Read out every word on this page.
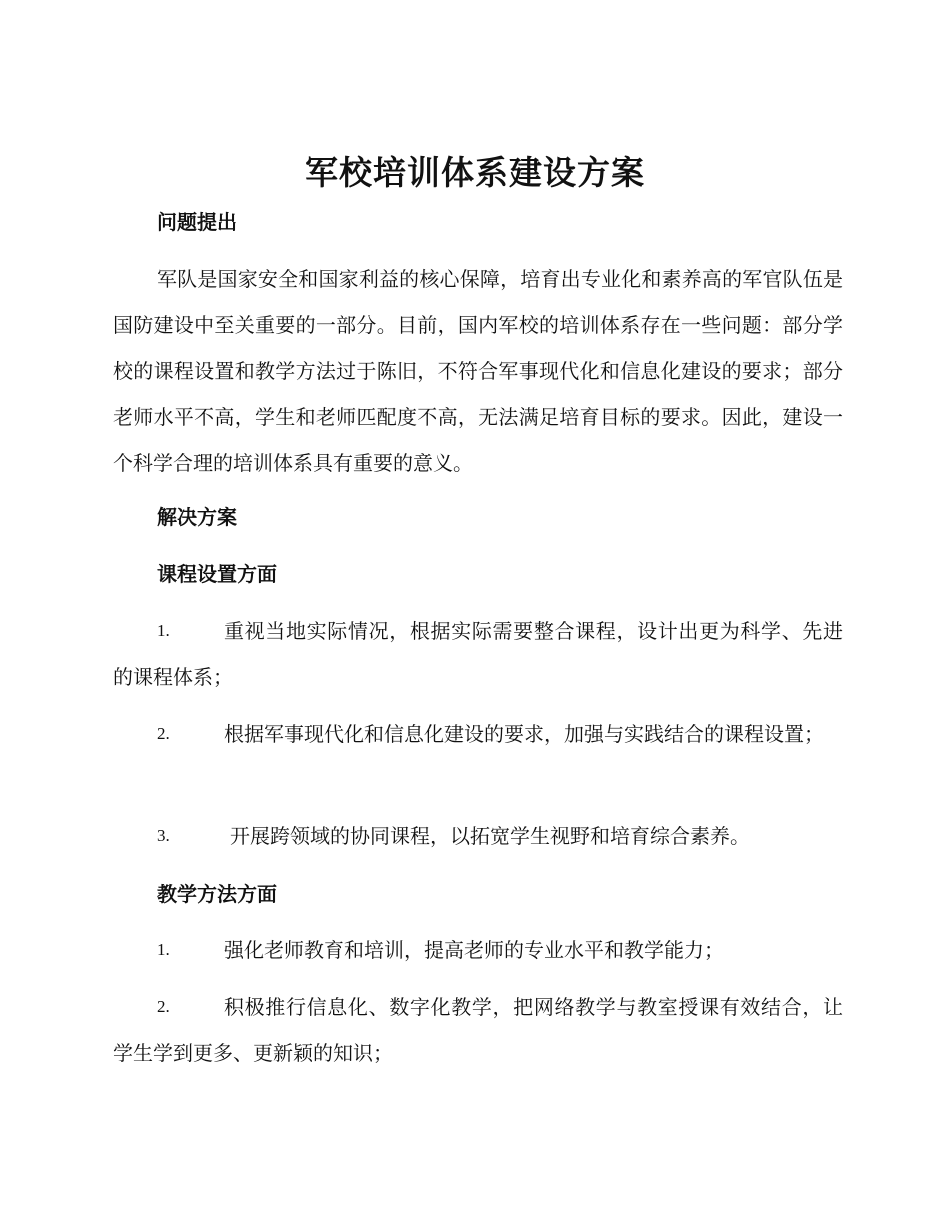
军校培训体系建设方案
问题提出

军队是国家安全和国家利益的核心保障，培育出专业化和素养高的军官队伍是国防建设中至关重要的一部分。目前，国内军校的培训体系存在一些问题：部分学校的课程设置和教学方法过于陈旧，不符合军事现代化和信息化建设的要求；部分老师水平不高，学生和老师匹配度不高，无法满足培育目标的要求。因此，建设一个科学合理的培训体系具有重要的意义。

解决方案
课程设置方面
1.	重视当地实际情况，根据实际需要整合课程，设计出更为科学、先进的课程体系；
2.	根据军事现代化和信息化建设的要求，加强与实践结合的课程设置；
3.	开展跨领域的协同课程，以拓宽学生视野和培育综合素养。
教学方法方面
1.	强化老师教育和培训，提高老师的专业水平和教学能力；
2.	积极推行信息化、数字化教学，把网络教学与教室授课有效结合，让学生学到更多、更新颖的知识；
